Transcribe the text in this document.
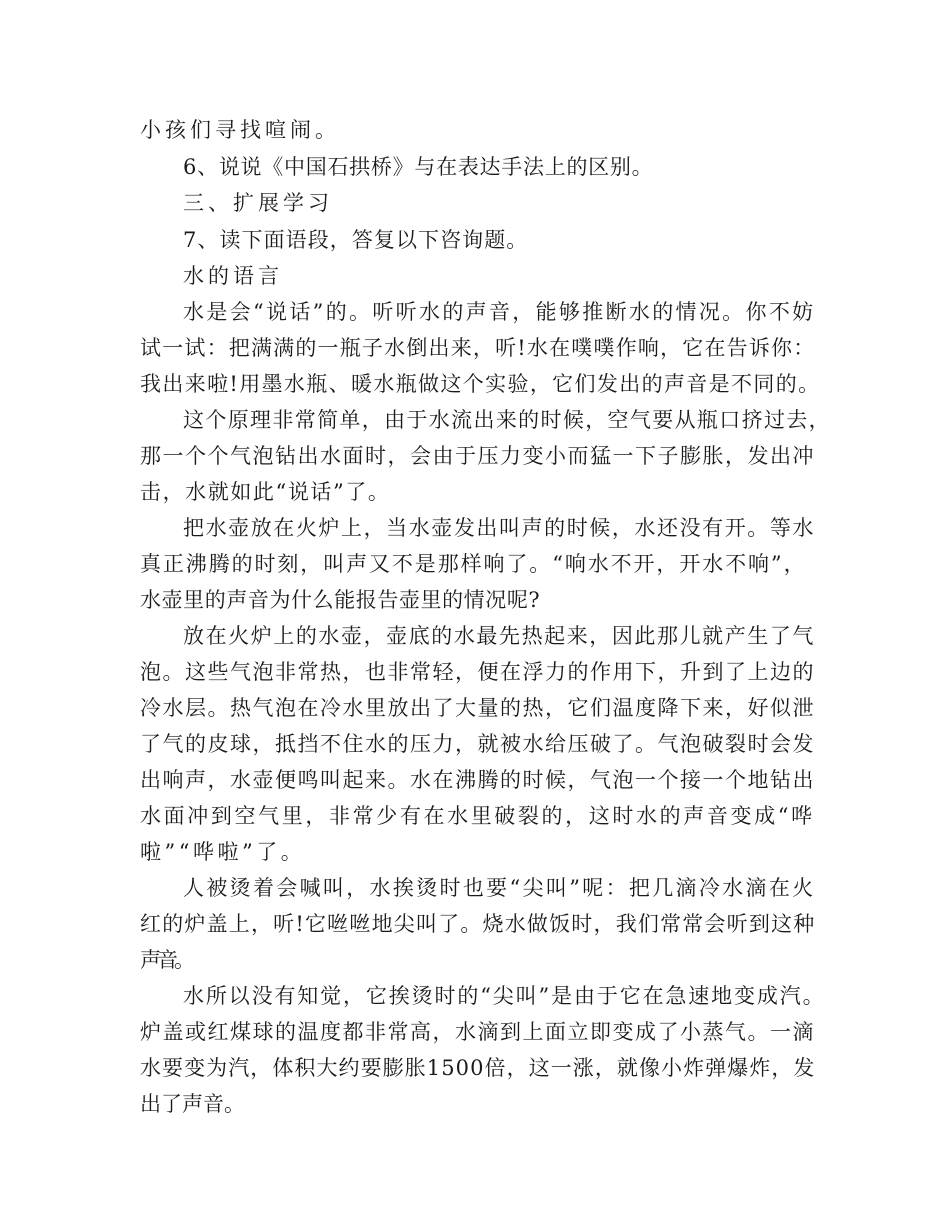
小孩们寻找喧闹。
6、说说《中国石拱桥》与在表达手法上的区别。
三、扩展学习
7、读下面语段，答复以下咨询题。
水的语言
水是会“说话”的。听听水的声音，能够推断水的情况。你不妨
试一试：把满满的一瓶子水倒出来，听!水在噗噗作响，它在告诉你：
我出来啦!用墨水瓶、暖水瓶做这个实验，它们发出的声音是不同的。
这个原理非常简单，由于水流出来的时候，空气要从瓶口挤过去，
那一个个气泡钻出水面时，会由于压力变小而猛一下子膨胀，发出冲
击，水就如此“说话”了。
把水壶放在火炉上，当水壶发出叫声的时候，水还没有开。等水
真正沸腾的时刻，叫声又不是那样响了。“响水不开，开水不响”，
水壶里的声音为什么能报告壶里的情况呢?
放在火炉上的水壶，壶底的水最先热起来，因此那儿就产生了气
泡。这些气泡非常热，也非常轻，便在浮力的作用下，升到了上边的
冷水层。热气泡在冷水里放出了大量的热，它们温度降下来，好似泄
了气的皮球，抵挡不住水的压力，就被水给压破了。气泡破裂时会发
出响声，水壶便鸣叫起来。水在沸腾的时候，气泡一个接一个地钻出
水面冲到空气里，非常少有在水里破裂的，这时水的声音变成“哗
啦”“哗啦”了。
人被烫着会喊叫，水挨烫时也要“尖叫”呢：把几滴冷水滴在火
红的炉盖上，听!它咝咝地尖叫了。烧水做饭时，我们常常会听到这种
声音。
水所以没有知觉，它挨烫时的“尖叫”是由于它在急速地变成汽。
炉盖或红煤球的温度都非常高，水滴到上面立即变成了小蒸气。一滴
水要变为汽，体积大约要膨胀1500倍，这一涨，就像小炸弹爆炸，发
出了声音。
